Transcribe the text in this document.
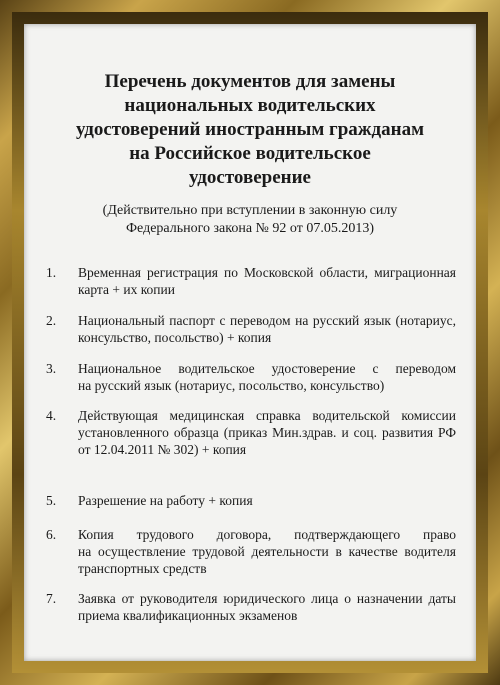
Перечень документов для замены
национальных водительских
удостоверений иностранным гражданам
на Российское водительское
удостоверение
(Действительно при вступлении в законную силу
Федерального закона № 92 от 07.05.2013)
1.	Временная регистрация по Московской области, миграционная
карта + их копии
2.	Национальный паспорт с переводом на русский язык (нотариус,
консульство, посольство) + копия
3.	Национальное водительское удостоверение с переводом
на русский язык (нотариус, посольство, консульство)
4.	Действующая медицинская справка водительской комиссии
установленного образца (приказ Мин.здрав. и соц. развития РФ
от 12.04.2011 № 302) + копия
5.	Разрешение на работу + копия
6.	Копия трудового договора, подтверждающего право
на осуществление трудовой деятельности в качестве водителя
транспортных средств
7.	Заявка от руководителя юридического лица о назначении даты
приема квалификационных экзаменов
